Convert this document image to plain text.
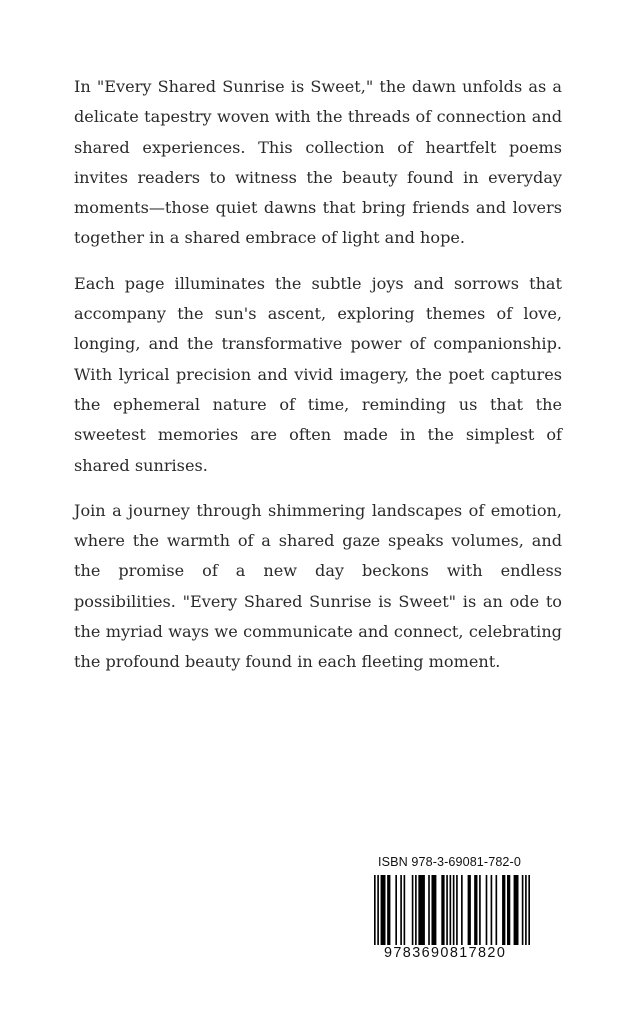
In "Every Shared Sunrise is Sweet," the dawn unfolds as a delicate tapestry woven with the threads of connection and shared experiences. This collection of heartfelt poems invites readers to witness the beauty found in everyday moments—those quiet dawns that bring friends and lovers together in a shared embrace of light and hope.

Each page illuminates the subtle joys and sorrows that accompany the sun's ascent, exploring themes of love, longing, and the transformative power of companionship. With lyrical precision and vivid imagery, the poet captures the ephemeral nature of time, reminding us that the sweetest memories are often made in the simplest of shared sunrises.

Join a journey through shimmering landscapes of emotion, where the warmth of a shared gaze speaks volumes, and the promise of a new day beckons with endless possibilities. "Every Shared Sunrise is Sweet" is an ode to the myriad ways we communicate and connect, celebrating the profound beauty found in each fleeting moment.

ISBN 978-3-69081-782-0
9783690817820
